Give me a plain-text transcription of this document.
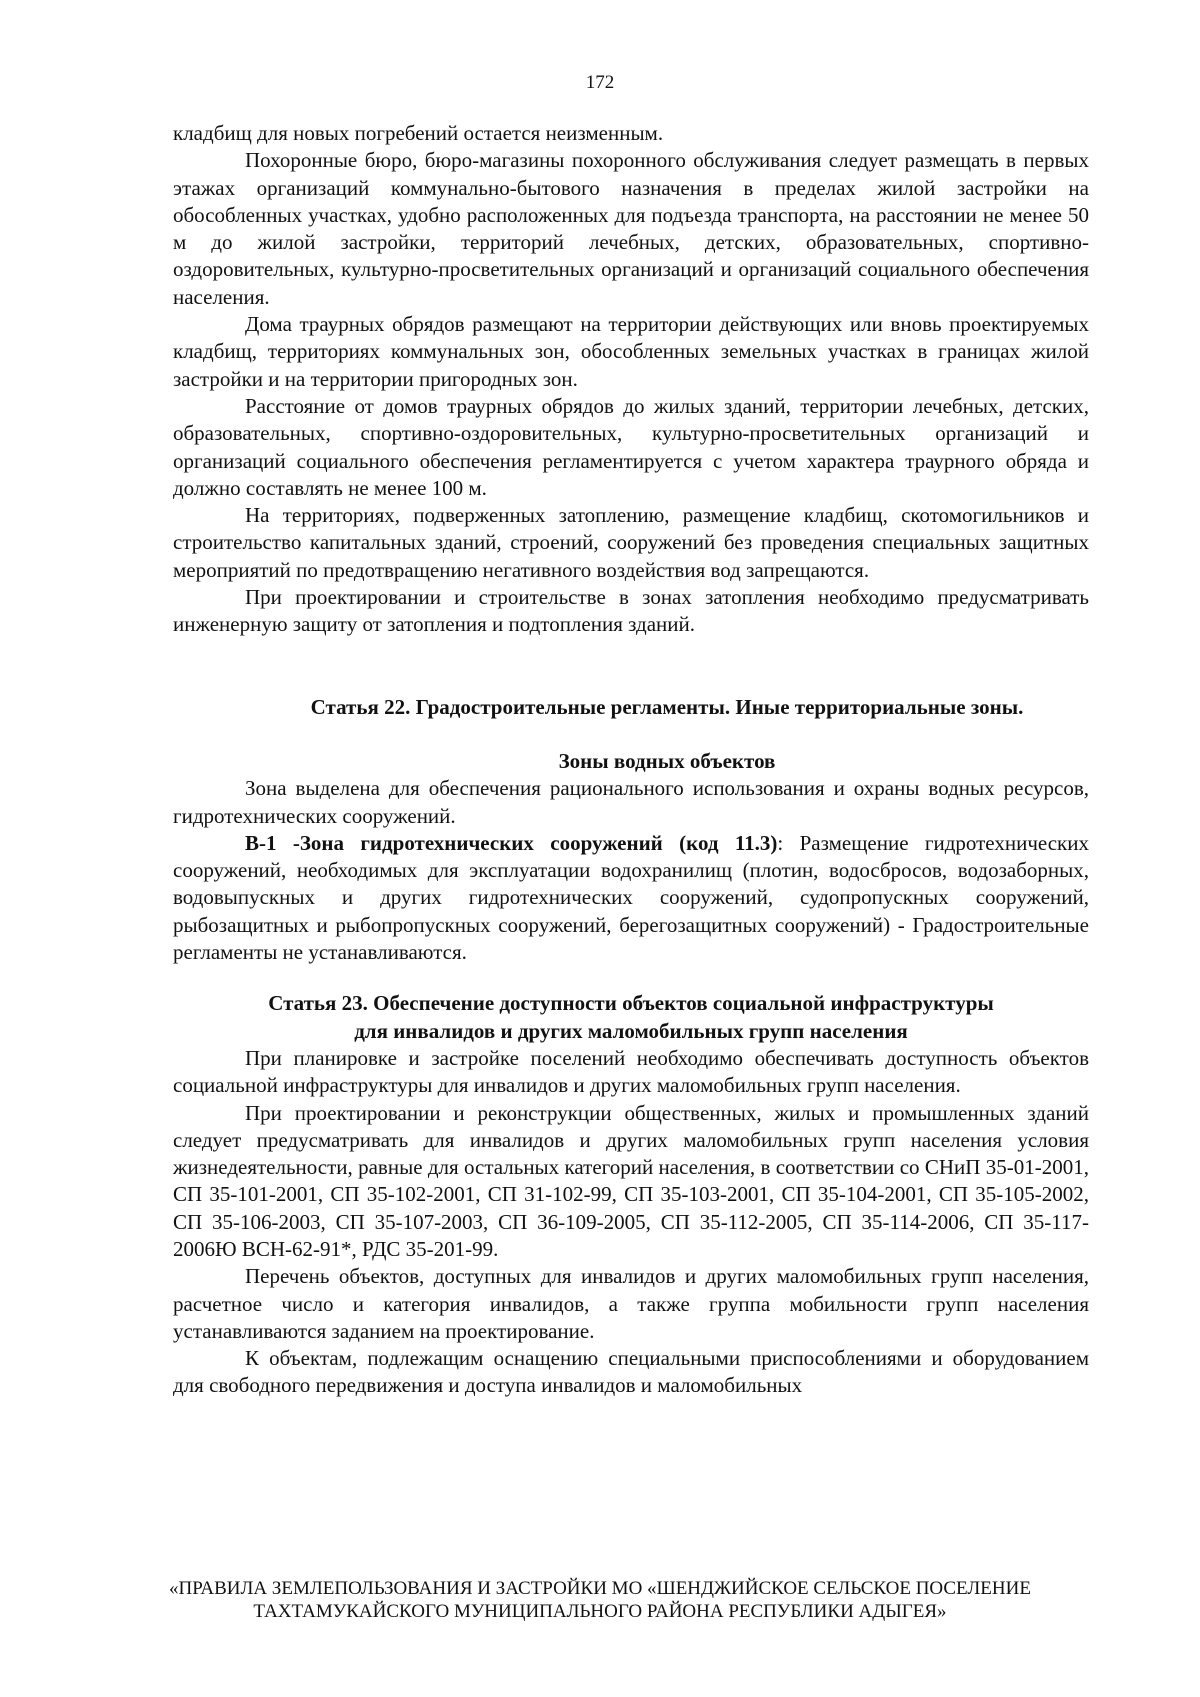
172

кладбищ для новых погребений остается неизменным.

Похоронные бюро, бюро-магазины похоронного обслуживания следует размещать в первых этажах организаций коммунально-бытового назначения в пределах жилой застройки на обособленных участках, удобно расположенных для подъезда транспорта, на расстоянии не менее 50 м до жилой застройки, территорий лечебных, детских, образовательных, спортивно-оздоровительных, культурно-просветительных организаций и организаций социального обеспечения населения.

Дома траурных обрядов размещают на территории действующих или вновь проектируемых кладбищ, территориях коммунальных зон, обособленных земельных участках в границах жилой застройки и на территории пригородных зон.

Расстояние от домов траурных обрядов до жилых зданий, территории лечебных, детских, образовательных, спортивно-оздоровительных, культурно-просветительных организаций и организаций социального обеспечения регламентируется с учетом характера траурного обряда и должно составлять не менее 100 м.

На территориях, подверженных затоплению, размещение кладбищ, скотомогильников и строительство капитальных зданий, строений, сооружений без проведения специальных защитных мероприятий по предотвращению негативного воздействия вод запрещаются.

При проектировании и строительстве в зонах затопления необходимо предусматривать инженерную защиту от затопления и подтопления зданий.

Статья 22. Градостроительные регламенты. Иные территориальные зоны.
Зоны водных объектов

Зона выделена для обеспечения рационального использования и охраны водных ресурсов, гидротехнических сооружений.

В-1 -Зона гидротехнических сооружений (код 11.3): Размещение гидротехнических сооружений, необходимых для эксплуатации водохранилищ (плотин, водосбросов, водозаборных, водовыпускных и других гидротехнических сооружений, судопропускных сооружений, рыбозащитных и рыбопропускных сооружений, берегозащитных сооружений) - Градостроительные регламенты не устанавливаются.

Статья 23. Обеспечение доступности объектов социальной инфраструктуры
для инвалидов и других маломобильных групп населения

При планировке и застройке поселений необходимо обеспечивать доступность объектов социальной инфраструктуры для инвалидов и других маломобильных групп населения.

При проектировании и реконструкции общественных, жилых и промышленных зданий следует предусматривать для инвалидов и других маломобильных групп населения условия жизнедеятельности, равные для остальных категорий населения, в соответствии со СНиП 35-01-2001, СП 35-101-2001, СП 35-102-2001, СП 31-102-99, СП 35-103-2001, СП 35-104-2001, СП 35-105-2002, СП 35-106-2003, СП 35-107-2003, СП 36-109-2005, СП 35-112-2005, СП 35-114-2006, СП 35-117-2006Ю ВСН-62-91*, РДС 35-201-99.

Перечень объектов, доступных для инвалидов и других маломобильных групп населения, расчетное число и категория инвалидов, а также группа мобильности групп населения устанавливаются заданием на проектирование.

К объектам, подлежащим оснащению специальными приспособлениями и оборудованием для свободного передвижения и доступа инвалидов и маломобильных

«ПРАВИЛА ЗЕМЛЕПОЛЬЗОВАНИЯ И ЗАСТРОЙКИ МО «ШЕНДЖИЙСКОЕ СЕЛЬСКОЕ ПОСЕЛЕНИЕ
ТАХТАМУКАЙСКОГО МУНИЦИПАЛЬНОГО РАЙОНА РЕСПУБЛИКИ АДЫГЕЯ»
